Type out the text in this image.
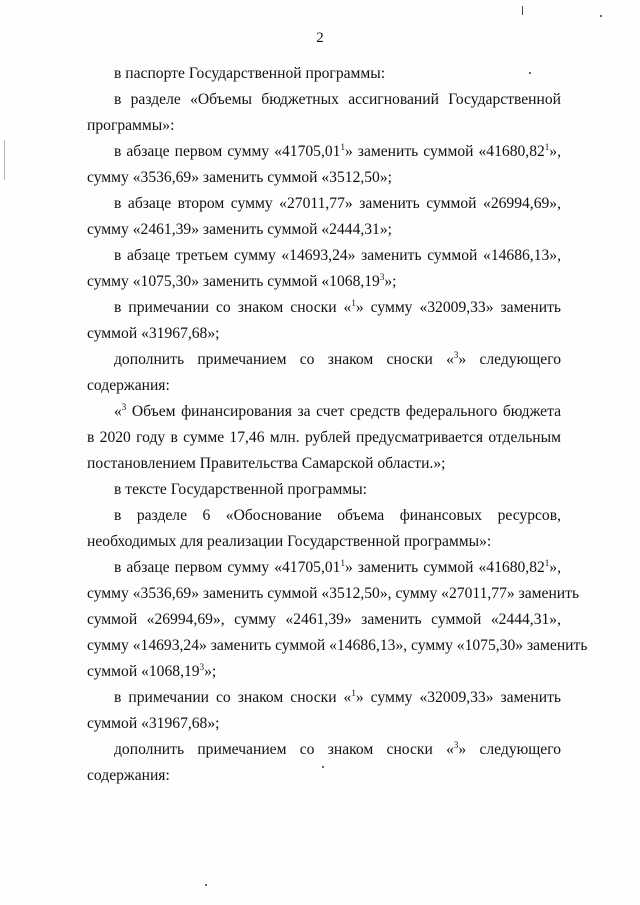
2
в паспорте Государственной программы:
в разделе «Объемы бюджетных ассигнований Государственной
программы»:
в абзаце первом сумму «41705,01$^1$» заменить суммой «41680,82$^1$»,
сумму «3536,69» заменить суммой «3512,50»;
в абзаце втором сумму «27011,77» заменить суммой «26994,69»,
сумму «2461,39» заменить суммой «2444,31»;
в абзаце третьем сумму «14693,24» заменить суммой «14686,13»,
сумму «1075,30» заменить суммой «1068,19$^3$»;
в примечании со знаком сноски «$^1$» сумму «32009,33» заменить
суммой «31967,68»;
дополнить примечанием со знаком сноски «$^3$» следующего
содержания:
«$^3$ Объем финансирования за счет средств федерального бюджета
в 2020 году в сумме 17,46 млн. рублей предусматривается отдельным
постановлением Правительства Самарской области.»;
в тексте Государственной программы:
в разделе 6 «Обоснование объема финансовых ресурсов,
необходимых для реализации Государственной программы»:
в абзаце первом сумму «41705,01$^1$» заменить суммой «41680,82$^1$»,
сумму «3536,69» заменить суммой «3512,50», сумму «27011,77» заменить
суммой «26994,69», сумму «2461,39» заменить суммой «2444,31»,
сумму «14693,24» заменить суммой «14686,13», сумму «1075,30» заменить
суммой «1068,19$^3$»;
в примечании со знаком сноски «$^1$» сумму «32009,33» заменить
суммой «31967,68»;
дополнить примечанием со знаком сноски «$^3$» следующего
содержания:
